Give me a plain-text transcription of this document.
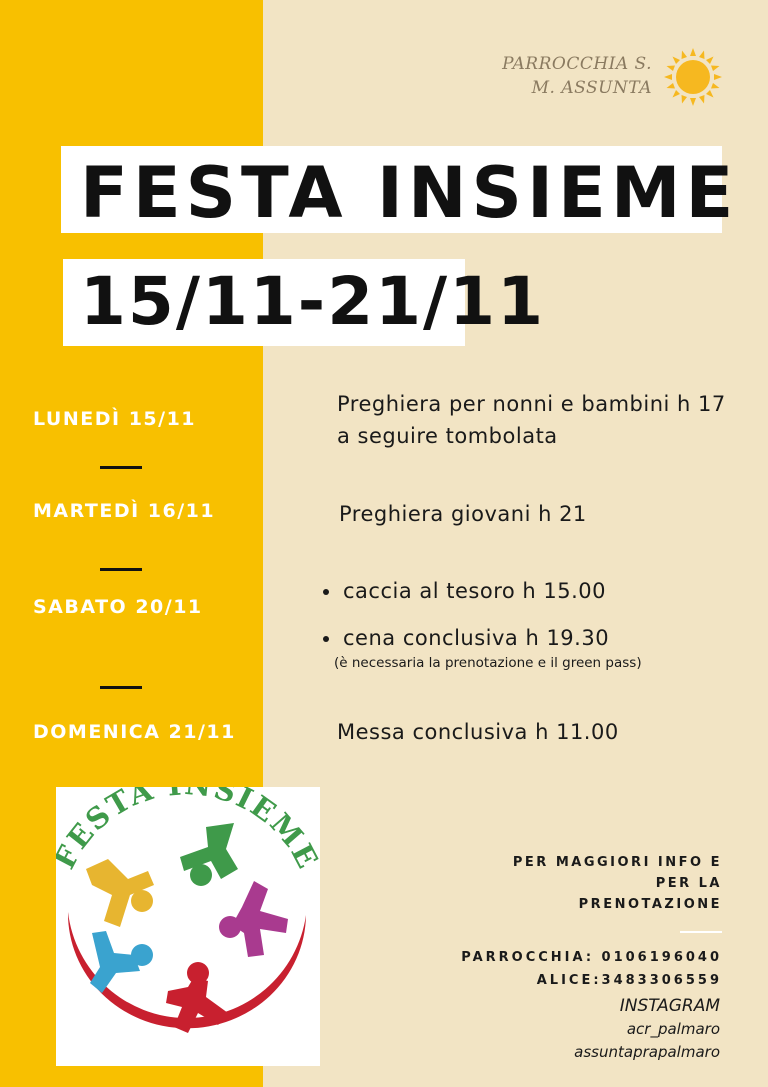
PARROCCHIA S.
M. ASSUNTA
FESTA INSIEME
15/11-21/11
LUNEDÌ 15/11
Preghiera per nonni e bambini h 17
a seguire tombolata
MARTEDÌ 16/11	Preghiera giovani h 21
SABATO 20/11
caccia al tesoro h 15.00
cena conclusiva h 19.30
(è necessaria la prenotazione e il green pass)
DOMENICA 21/11	Messa conclusiva h 11.00
ESTA SIEM
PER MAGGIORI INFO E
PER LA
PRENOTAZIONE
PARROCCHIA: 0106196040
ALICE:3483306559
INSTAGRAM
acr_palmaro
assuntaprapalmaro
